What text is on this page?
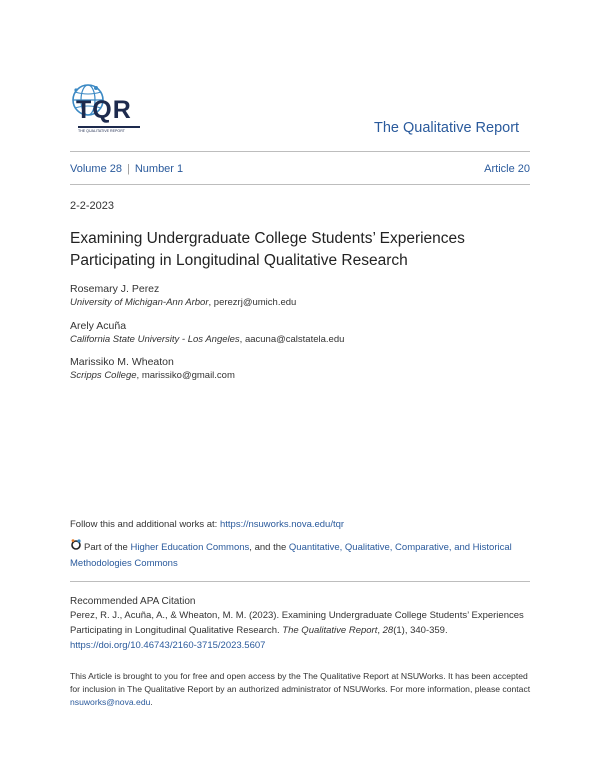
TQR
THE QUALITATIVE REPORT	The Qualitative Report
Volume 28 | Number 1	Article 20
2-2-2023
Examining Undergraduate College Students’ Experiences
Participating in Longitudinal Qualitative Research
Rosemary J. Perez
University of Michigan-Ann Arbor, perezrj@umich.edu
Arely Acuña
California State University - Los Angeles, aacuna@calstatela.edu
Marissiko M. Wheaton
Scripps College, marissiko@gmail.com
Follow this and additional works at: https://nsuworks.nova.edu/tqr
Part of the Higher Education Commons, and the Quantitative, Qualitative, Comparative, and Historical Methodologies Commons
Recommended APA Citation
Perez, R. J., Acuña, A., & Wheaton, M. M. (2023). Examining Undergraduate College Students’ Experiences Participating in Longitudinal Qualitative Research. The Qualitative Report, 28(1), 340-359. https://doi.org/10.46743/2160-3715/2023.5607
This Article is brought to you for free and open access by the The Qualitative Report at NSUWorks. It has been accepted for inclusion in The Qualitative Report by an authorized administrator of NSUWorks. For more information, please contact nsuworks@nova.edu.
